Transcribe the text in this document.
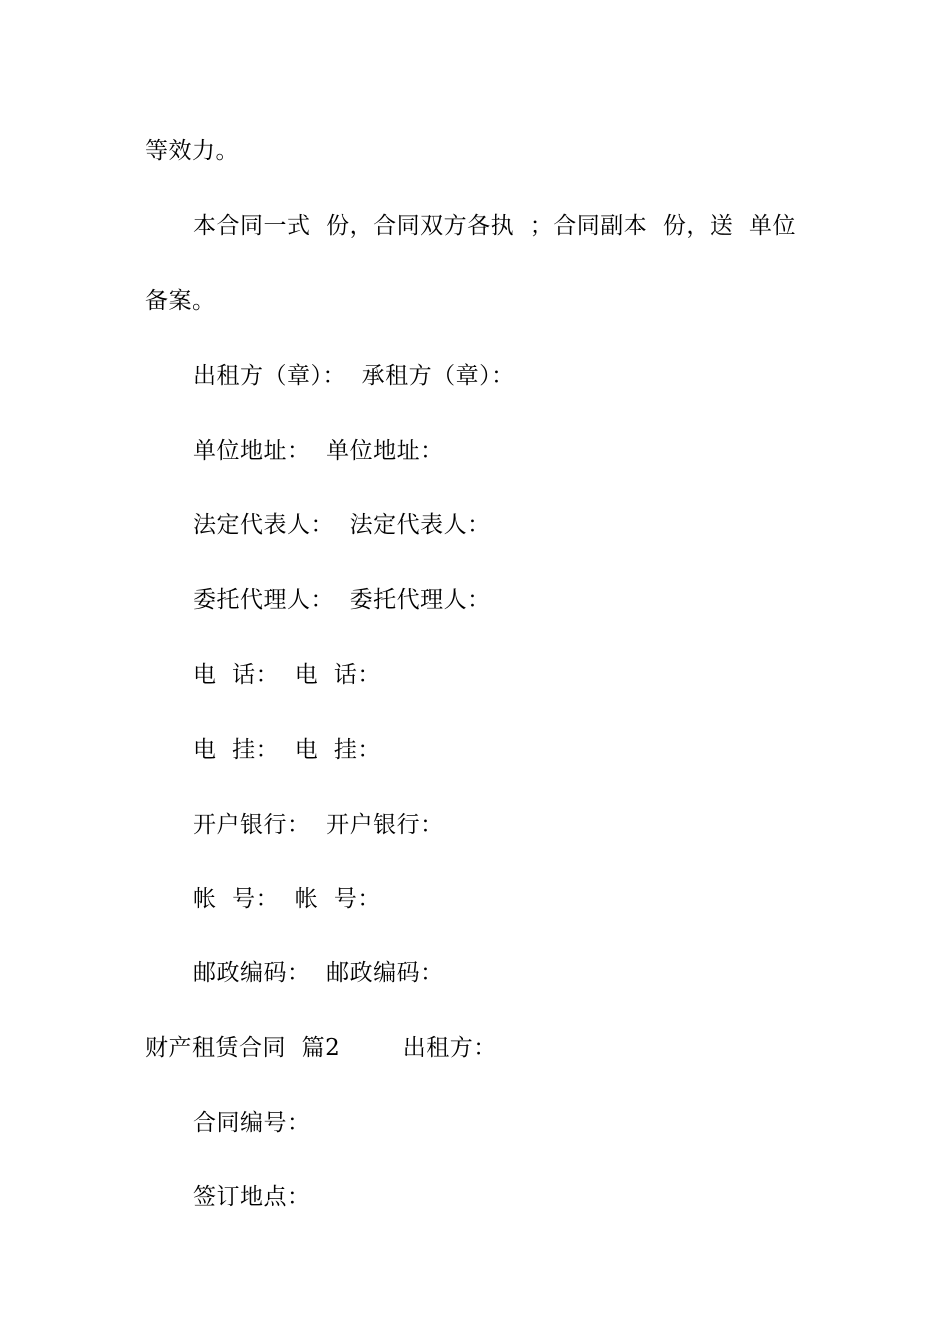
等效力。
本合同一式  份，合同双方各执  ；合同副本  份，送  单位
备案。
出租方（章）：  承租方（章）：
单位地址：  单位地址：
法定代表人：  法定代表人：
委托代理人：  委托代理人：
电  话：  电  话：
电  挂：  电  挂：
开户银行：  开户银行：
帐  号：  帐  号：
邮政编码：  邮政编码：
财产租赁合同  篇2        出租方：
合同编号：
签订地点：
